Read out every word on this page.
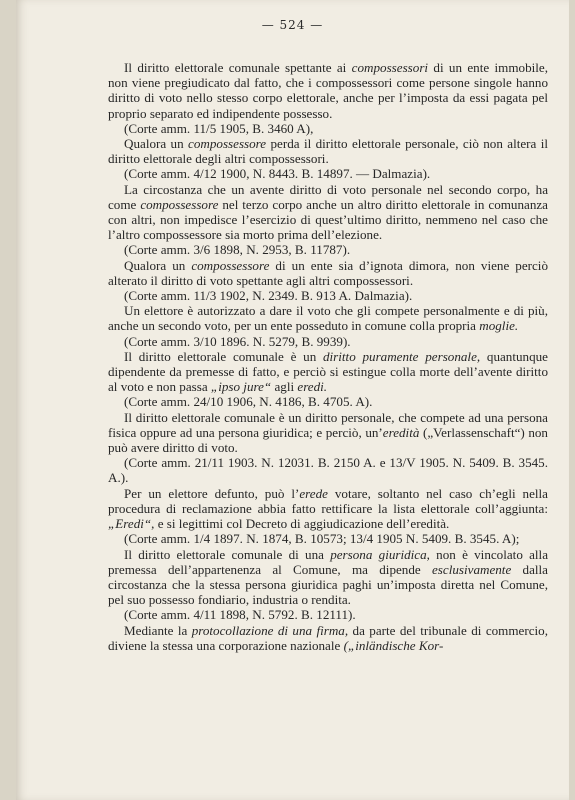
— 524 —

Il diritto elettorale comunale spettante ai compossessori di un ente immobile, non viene pregiudicato dal fatto, che i compossessori come persone singole hanno diritto di voto nello stesso corpo elettorale, anche per l’imposta da essi pagata pel proprio separato ed indipendente possesso.

(Corte amm. 11/5 1905, B. 3460 A),

Qualora un compossessore perda il diritto elettorale personale, ciò non altera il diritto elettorale degli altri compossessori.

(Corte amm. 4/12 1900, N. 8443. B. 14897. — Dalmazia).

La circostanza che un avente diritto di voto personale nel secondo corpo, ha come compossessore nel terzo corpo anche un altro diritto elettorale in comunanza con altri, non impedisce l’esercizio di quest’ultimo diritto, nemmeno nel caso che l’altro compossessore sia morto prima dell’elezione.

(Corte amm. 3/6 1898, N. 2953, B. 11787).

Qualora un compossessore di un ente sia d’ignota dimora, non viene perciò alterato il diritto di voto spettante agli altri compossessori.

(Corte amm. 11/3 1902, N. 2349. B. 913 A. Dalmazia).

Un elettore è autorizzato a dare il voto che gli compete personalmente e di più, anche un secondo voto, per un ente posseduto in comune colla propria moglie.

(Corte amm. 3/10 1896. N. 5279, B. 9939).

Il diritto elettorale comunale è un diritto puramente personale, quantunque dipendente da premesse di fatto, e perciò si estingue colla morte dell’avente diritto al voto e non passa „ipso jure“ agli eredi.

(Corte amm. 24/10 1906, N. 4186, B. 4705. A).

Il diritto elettorale comunale è un diritto personale, che compete ad una persona fisica oppure ad una persona giuridica; e perciò, un’eredità („Verlassenschaft“) non può avere diritto di voto.

(Corte amm. 21/11 1903. N. 12031. B. 2150 A. e 13/V 1905. N. 5409. B. 3545. A.).

Per un elettore defunto, può l’erede votare, soltanto nel caso ch’egli nella procedura di reclamazione abbia fatto rettificare la lista elettorale coll’aggiunta: „Eredi“, e si legittimi col Decreto di aggiudicazione dell’eredità.

(Corte amm. 1/4 1897. N. 1874, B. 10573; 13/4 1905 N. 5409. B. 3545. A);

Il diritto elettorale comunale di una persona giuridica, non è vincolato alla premessa dell’appartenenza al Comune, ma dipende esclusivamente dalla circostanza che la stessa persona giuridica paghi un’imposta diretta nel Comune, pel suo possesso fondiario, industria o rendita.

(Corte amm. 4/11 1898, N. 5792. B. 12111).

Mediante la protocollazione di una firma, da parte del tribunale di commercio, diviene la stessa una corporazione nazionale („inländische Kor-
